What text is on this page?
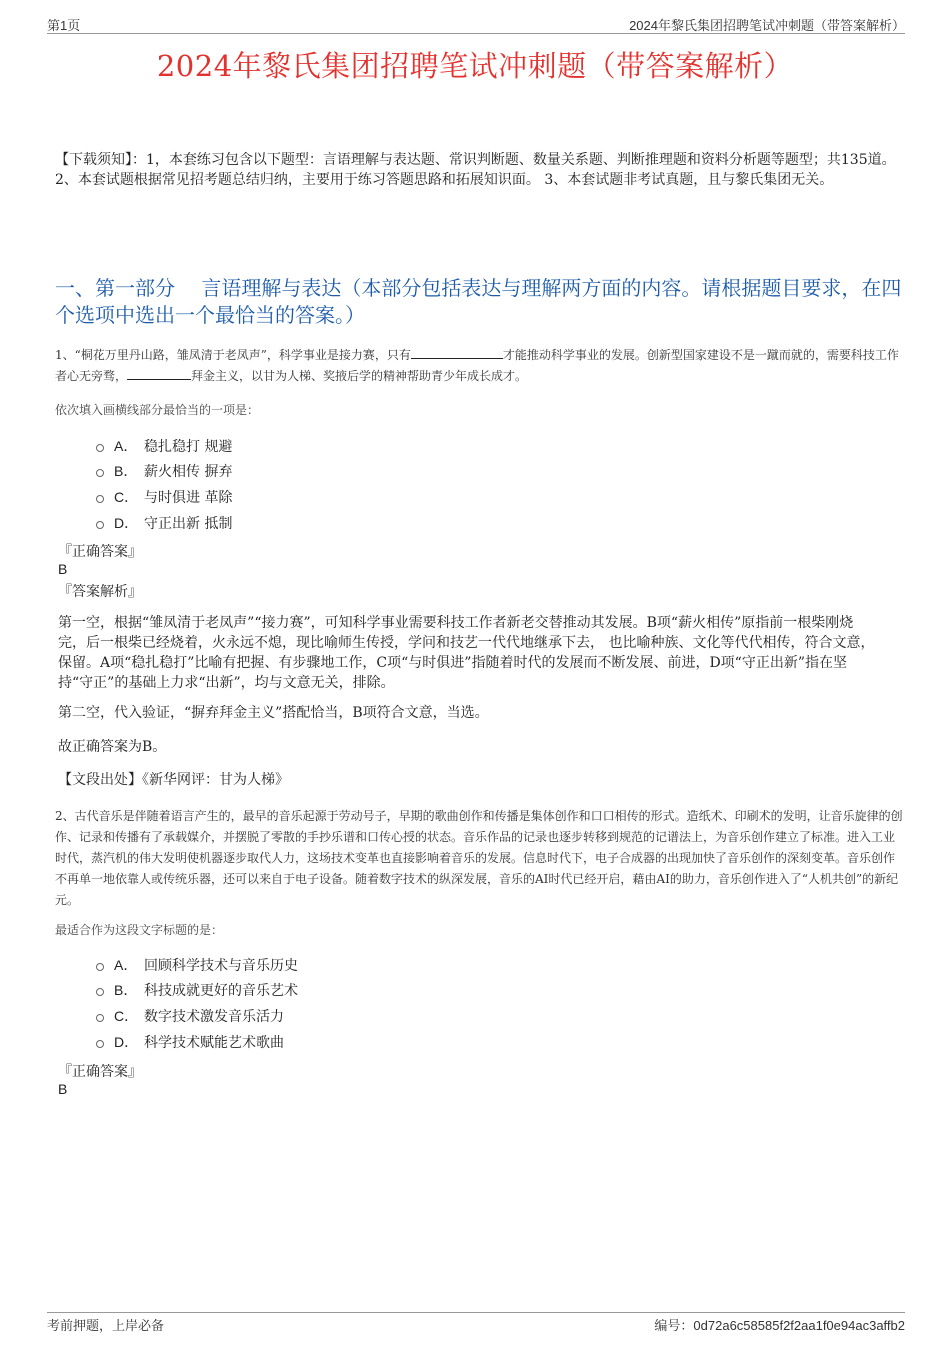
第1页	2024年黎氏集团招聘笔试冲刺题（带答案解析）
2024年黎氏集团招聘笔试冲刺题（带答案解析）
【下载须知】：1，本套练习包含以下题型：言语理解与表达题、常识判断题、数量关系题、判断推理题和资料分析题等题型；共135道。 2、本套试题根据常见招考题总结归纳，主要用于练习答题思路和拓展知识面。 3、本套试题非考试真题，且与黎氏集团无关。
一、第一部分　 言语理解与表达（本部分包括表达与理解两方面的内容。请根据题目要求，在四个选项中选出一个最恰当的答案。）
1、“桐花万里丹山路，雏凤清于老凤声”，科学事业是接力赛，只有	才能推动科学事业的发展。创新型国家建设不是一蹴而就的，需要科技工作者心无旁骛，	拜金主义，以甘为人梯、奖掖后学的精神帮助青少年成长成才。
依次填入画横线部分最恰当的一项是：
A． 稳扎稳打 规避
B． 薪火相传 摒弃
C． 与时俱进 革除
D． 守正出新 抵制
『正确答案』
B
『答案解析』
第一空，根据“雏凤清于老凤声”“接力赛”，可知科学事业需要科技工作者新老交替推动其发展。B项“薪火相传”原指前一根柴刚烧完，后一根柴已经烧着，火永远不熄，现比喻师生传授，学问和技艺一代代地继承下去， 也比喻种族、文化等代代相传，符合文意，保留。A项“稳扎稳打”比喻有把握、有步骤地工作，C项“与时俱进”指随着时代的发展而不断发展、前进，D项“守正出新”指在坚持“守正”的基础上力求“出新”，均与文意无关，排除。
第二空，代入验证，“摒弃拜金主义”搭配恰当，B项符合文意，当选。
故正确答案为B。
【文段出处】《新华网评：甘为人梯》
2、古代音乐是伴随着语言产生的，最早的音乐起源于劳动号子，早期的歌曲创作和传播是集体创作和口口相传的形式。造纸术、印刷术的发明，让音乐旋律的创作、记录和传播有了承载媒介，并摆脱了零散的手抄乐谱和口传心授的状态。音乐作品的记录也逐步转移到规范的记谱法上，为音乐创作建立了标准。进入工业时代，蒸汽机的伟大发明使机器逐步取代人力，这场技术变革也直接影响着音乐的发展。信息时代下，电子合成器的出现加快了音乐创作的深刻变革。音乐创作不再单一地依靠人或传统乐器，还可以来自于电子设备。随着数字技术的纵深发展，音乐的AI时代已经开启，藉由AI的助力，音乐创作进入了“人机共创”的新纪元。
最适合作为这段文字标题的是：
A． 回顾科学技术与音乐历史
B． 科技成就更好的音乐艺术
C． 数字技术激发音乐活力
D． 科学技术赋能艺术歌曲
『正确答案』
B
考前押题，上岸必备	编号：0d72a6c58585f2f2aa1f0e94ac3affb2
